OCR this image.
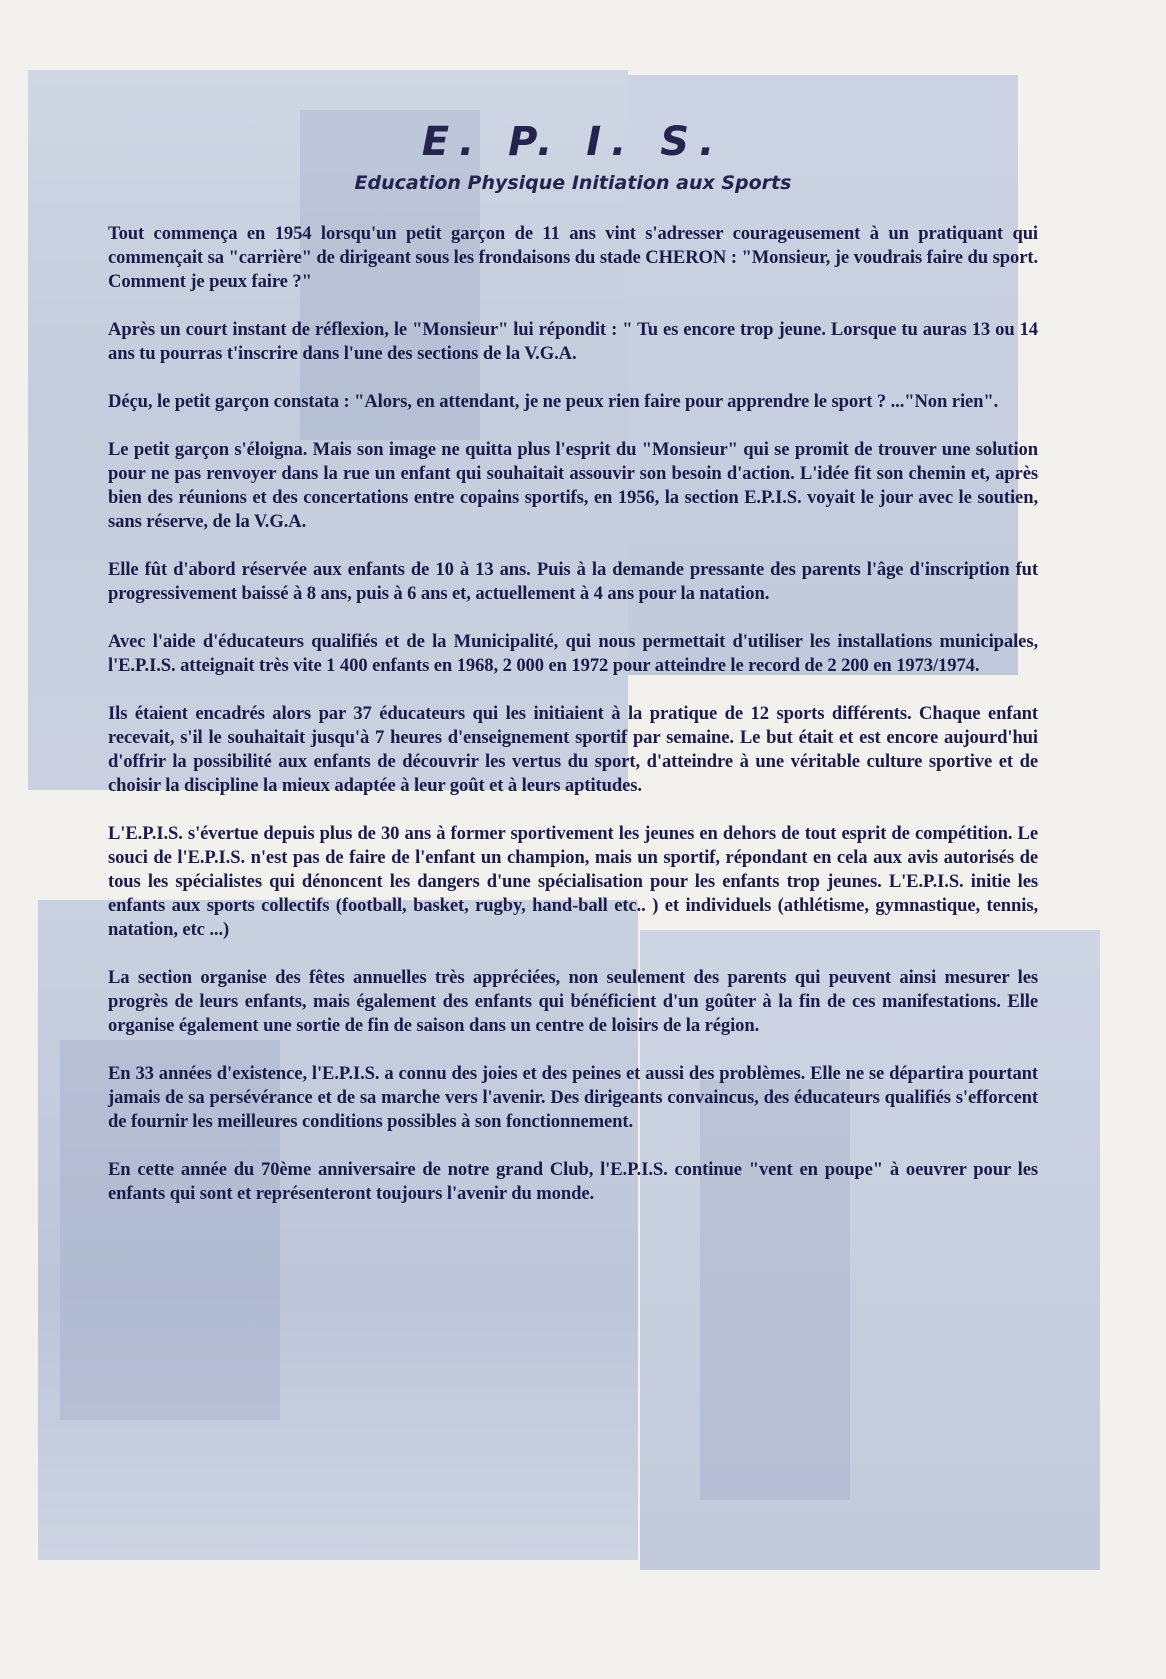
E. P. I. S.
Education Physique Initiation aux Sports

Tout commença en 1954 lorsqu'un petit garçon de 11 ans vint s'adresser courageusement à un pratiquant qui commençait sa "carrière" de dirigeant sous les frondaisons du stade CHERON : "Monsieur, je voudrais faire du sport. Comment je peux faire ?"

Après un court instant de réflexion, le "Monsieur" lui répondit : " Tu es encore trop jeune. Lorsque tu auras 13 ou 14 ans tu pourras t'inscrire dans l'une des sections de la V.G.A.

Déçu, le petit garçon constata : "Alors, en attendant, je ne peux rien faire pour apprendre le sport ? ..."Non rien".

Le petit garçon s'éloigna. Mais son image ne quitta plus l'esprit du "Monsieur" qui se promit de trouver une solution pour ne pas renvoyer dans la rue un enfant qui souhaitait assouvir son besoin d'action. L'idée fit son chemin et, après bien des réunions et des concertations entre copains sportifs, en 1956, la section E.P.I.S. voyait le jour avec le soutien, sans réserve, de la V.G.A.

Elle fût d'abord réservée aux enfants de 10 à 13 ans. Puis à la demande pressante des parents l'âge d'inscription fut progressivement baissé à 8 ans, puis à 6 ans et, actuellement à 4 ans pour la natation.

Avec l'aide d'éducateurs qualifiés et de la Municipalité, qui nous permettait d'utiliser les installations municipales, l'E.P.I.S. atteignait très vite 1 400 enfants en 1968, 2 000 en 1972 pour atteindre le record de 2 200 en 1973/1974.

Ils étaient encadrés alors par 37 éducateurs qui les initiaient à la pratique de 12 sports différents. Chaque enfant recevait, s'il le souhaitait jusqu'à 7 heures d'enseignement sportif par semaine. Le but était et est encore aujourd'hui d'offrir la possibilité aux enfants de découvrir les vertus du sport, d'atteindre à une véritable culture sportive et de choisir la discipline la mieux adaptée à leur goût et à leurs aptitudes.

L'E.P.I.S. s'évertue depuis plus de 30 ans à former sportivement les jeunes en dehors de tout esprit de compétition. Le souci de l'E.P.I.S. n'est pas de faire de l'enfant un champion, mais un sportif, répondant en cela aux avis autorisés de tous les spécialistes qui dénoncent les dangers d'une spécialisation pour les enfants trop jeunes. L'E.P.I.S. initie les enfants aux sports collectifs (football, basket, rugby, hand-ball etc.. ) et individuels (athlétisme, gymnastique, tennis, natation, etc ...)

La section organise des fêtes annuelles très appréciées, non seulement des parents qui peuvent ainsi mesurer les progrès de leurs enfants, mais également des enfants qui bénéficient d'un goûter à la fin de ces manifestations. Elle organise également une sortie de fin de saison dans un centre de loisirs de la région.

En 33 années d'existence, l'E.P.I.S. a connu des joies et des peines et aussi des problèmes. Elle ne se départira pourtant jamais de sa persévérance et de sa marche vers l'avenir. Des dirigeants convaincus, des éducateurs qualifiés s'efforcent de fournir les meilleures conditions possibles à son fonctionnement.

En cette année du 70ème anniversaire de notre grand Club, l'E.P.I.S. continue "vent en poupe" à oeuvrer pour les enfants qui sont et représenteront toujours l'avenir du monde.
